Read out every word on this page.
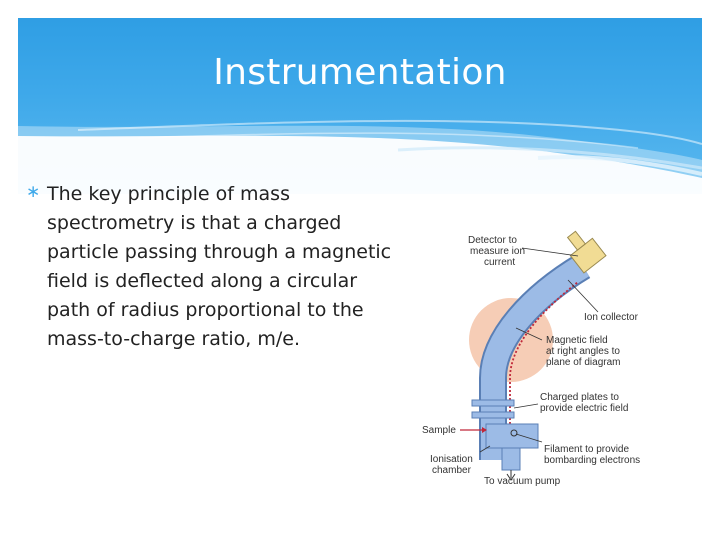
Instrumentation
∗ The key principle of mass spectrometry is that a charged particle passing through a magnetic field is deflected along a circular path of radius proportional to the mass-to-charge ratio, m/e.
Detector to
measure ion
current
Ion collector
Magnetic field
at right angles to
plane of diagram
Charged plates to
provide electric field
Sample
Filament to provide
bombarding electrons
Ionisation
chamber
To vacuum pump
